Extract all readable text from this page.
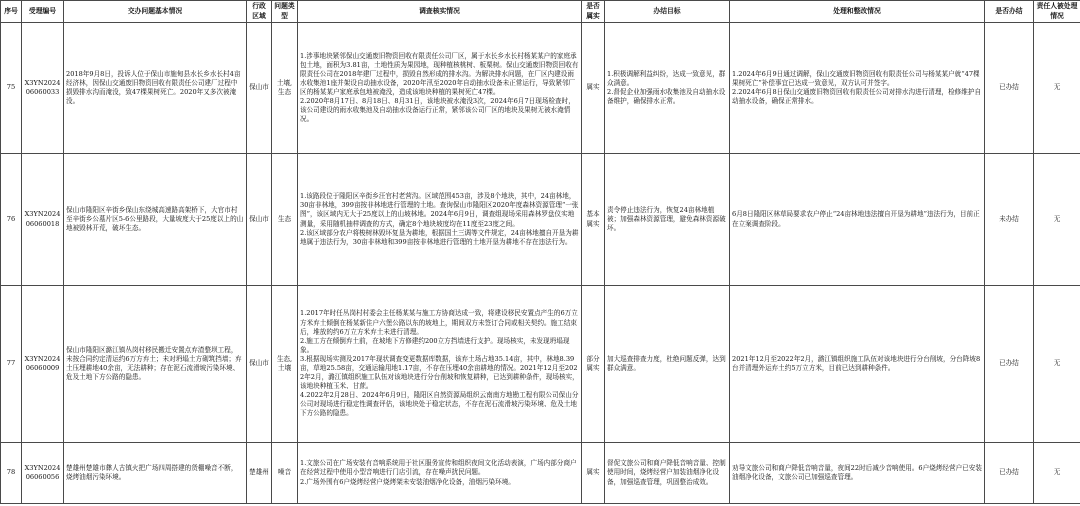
序号	受理编号	交办问题基本情况	行政区域	问题类型	调查核实情况	是否属实	办结目标	处理和整改情况	是否办结	责任人被处理情况
75	X3YN2024 06060033	2018年9月8日，投诉人位于保山市施甸县水长乡水长村4亩经济林，因保山交通废旧物资回收有限责任公司建厂过程中损毁排水沟而淹没，致47棵果树死亡。2020年又多次被淹没。	保山市	土壤,生态	1.涉事地块紧邻保山交通废旧物资回收有限责任公司厂区，属于水长乡水长村杨某某户的家庭承包土地，面积为3.81亩，土地性质为果园地，现种植核桃树、板栗树。保山交通废旧物资回收有限责任公司在2018年建厂过程中，损毁自然形成的排水沟。为解决排水问题，在厂区内建设雨水收集池1座并架设自动抽水设备，2020年汛至2020年自动抽水设备未正常运行，导致紧邻厂区的杨某某户家庭承包地被淹没，造成该地块种植的果树死亡47棵。
2.2020年8月17日、8月18日、8月31日，该地块被水淹没3次，2024年6月7日现场检查时，该公司建设的雨水收集池及自动抽水设备运行正常，紧邻该公司厂区的地块及果树无被水淹情况。	属实	1.积极调解利益纠纷，达成一致意见，群众满意。
2.督促企业加强雨水收集池及自动抽水设备维护，确保排水正常。	1.2024年6月9日通过调解，保山交通废旧物资回收有限责任公司与杨某某户就“47棵果树死亡”补偿事宜已达成一致意见，双方认可并签字。
2.2024年6月8日保山交通废旧物资回收有限责任公司对排水沟进行清理，检修维护自动抽水设备，确保正常排水。	已办结	无
76	X3YN2024 06060018	保山市隆阳区辛街乡保山东绕城高速路高架桥下，大官市村至辛街乡公墓片区5-6公里路段，大量坡度大于25度以上的山地被毁林开荒，破坏生态。	保山市	生态	1.该路段位于隆阳区辛街乡汪官村老营沟。区域范围453亩，涉及8个地块，其中，24亩林地，30亩非林地，399亩按非林地进行管理的土地。查询保山市隆阳区2020年度森林资源管理“一张图”，该区域内无大于25度以上的山坡林地。2024年6月9日，调查组现场采用森林罗盘仪实地测量，采用随机抽样调查的方式，确定8个地块坡度均在11度至23度之间。
2.该区域部分农户将梭树林毁坏复垦为耕地，根据国土三调等文件规定，24亩林地擅自开垦为耕地属于违法行为，30亩非林地和399亩按非林地进行管理的土地开垦为耕地不存在违法行为。	基本属实	责令停止违法行为，恢复24亩林地植被；加强森林资源管理，避免森林资源破坏。	6月8日隆阳区林草局要求农户停止“24亩林地违法擅自开垦为耕地”违法行为，目前正在立案调查阶段。	未办结	无
77	X3YN2024 06060009	保山市隆阳区潞江镇丛岗村移民搬迁安置点弃渣整坝工程，未按合同约定清运约6万方弃土；未对坍塌土方砌筑挡墙；弃土压埋耕地40余亩，无法耕种；存在泥石流滑坡污染环境、危及土地下方公路的隐患。	保山市	生态,土壤	1.2017年时任丛岗村村委会主任杨某某与施工方协商达成一致，将建设移民安置点产生的6万立方米弃土倾倒在杨某新住户六堡公路以东的坡地上，期间双方未签订合同或相关契约。施工结束后，堆放的约6万立方米弃土未进行清理。
2.施工方在倾倒弃土前，在坡地下方修建约200立方挡墙进行支护。现场核实，未发现坍塌现象。
3.根据现场实测及2017年现状调查变更数据库数据，该弃土场占地35.14亩，其中，林地8.39亩，草地25.58亩，交通运输用地1.17亩，不存在压埋40余亩耕地的情况。2021年12月至2022年2月，潞江镇组织施工队伍对该地块进行分台削坡和恢复耕种，已达到耕种条件，现场核实，该地块种植玉米、甘蔗。
4.2022年2月28日、2024年6月9日，隆阳区自然资源局组织云南南方地勘工程有限公司保山分公司对现场进行稳定性调查评估，该地块处于稳定状态，不存在泥石流滑坡污染环境、危及土地下方公路的隐患。	部分属实	加大巡查排查力度，杜绝问题反弹，达到群众满意。	2021年12月至2022年2月，潞江镇组织施工队伍对该地块进行分台削坡，分台降坡8台并清理外运弃土约5万立方米，目前已达到耕种条件。	已办结	无
78	X3YN2024 06060056	楚雄州楚雄市彝人古镇火把广场四周搭建的货棚噪音不断，烧烤油烟污染环境。	楚雄州	噪音	1.文旅公司在广场安装有音响系统用于社区服务宣传和组织夜间文化活动表演，广场内部分商户在经营过程中使用小型音响进行门店引流，存在噪声扰民问题。
2.广场外围有6户烧烤经营户烧烤架未安装油烟净化设备，油烟污染环境。	属实	督促文旅公司和商户降低音响音量、控制使用时间，烧烤经营户加装油烟净化设备，加强巡查管理，巩固整治成效。	劝导文旅公司和商户降低音响音量，夜间22时后减少音响使用。6户烧烤经营户已安装油烟净化设备，文旅公司已加强巡查管理。	已办结	无
